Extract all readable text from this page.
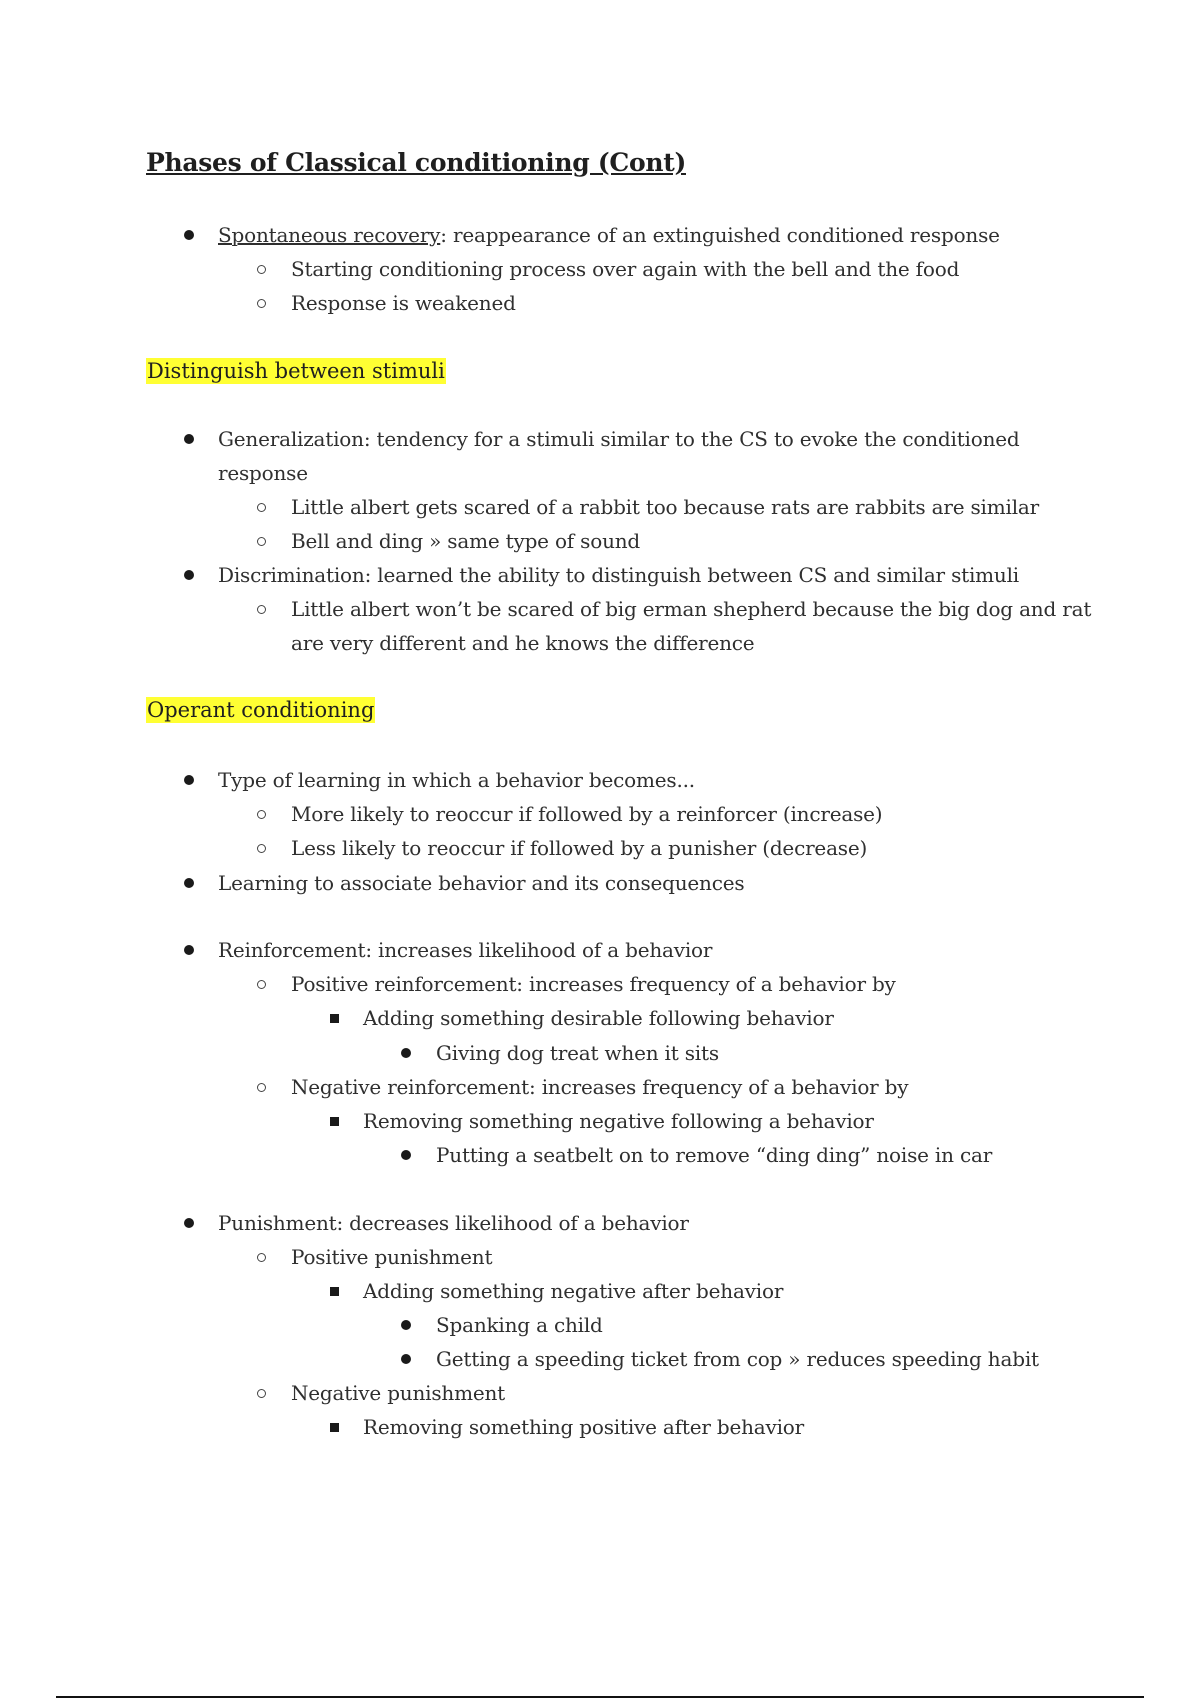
Phases of Classical conditioning (Cont)
Spontaneous recovery: reappearance of an extinguished conditioned response
Starting conditioning process over again with the bell and the food
Response is weakened
Distinguish between stimuli
Generalization: tendency for a stimuli similar to the CS to evoke the conditioned
response
Little albert gets scared of a rabbit too because rats are rabbits are similar
Bell and ding » same type of sound
Discrimination: learned the ability to distinguish between CS and similar stimuli
Little albert won’t be scared of big erman shepherd because the big dog and rat
are very different and he knows the difference
Operant conditioning
Type of learning in which a behavior becomes...
More likely to reoccur if followed by a reinforcer (increase)
Less likely to reoccur if followed by a punisher (decrease)
Learning to associate behavior and its consequences
Reinforcement: increases likelihood of a behavior
Positive reinforcement: increases frequency of a behavior by
Adding something desirable following behavior
Giving dog treat when it sits
Negative reinforcement: increases frequency of a behavior by
Removing something negative following a behavior
Putting a seatbelt on to remove “ding ding” noise in car
Punishment: decreases likelihood of a behavior
Positive punishment
Adding something negative after behavior
Spanking a child
Getting a speeding ticket from cop » reduces speeding habit
Negative punishment
Removing something positive after behavior
